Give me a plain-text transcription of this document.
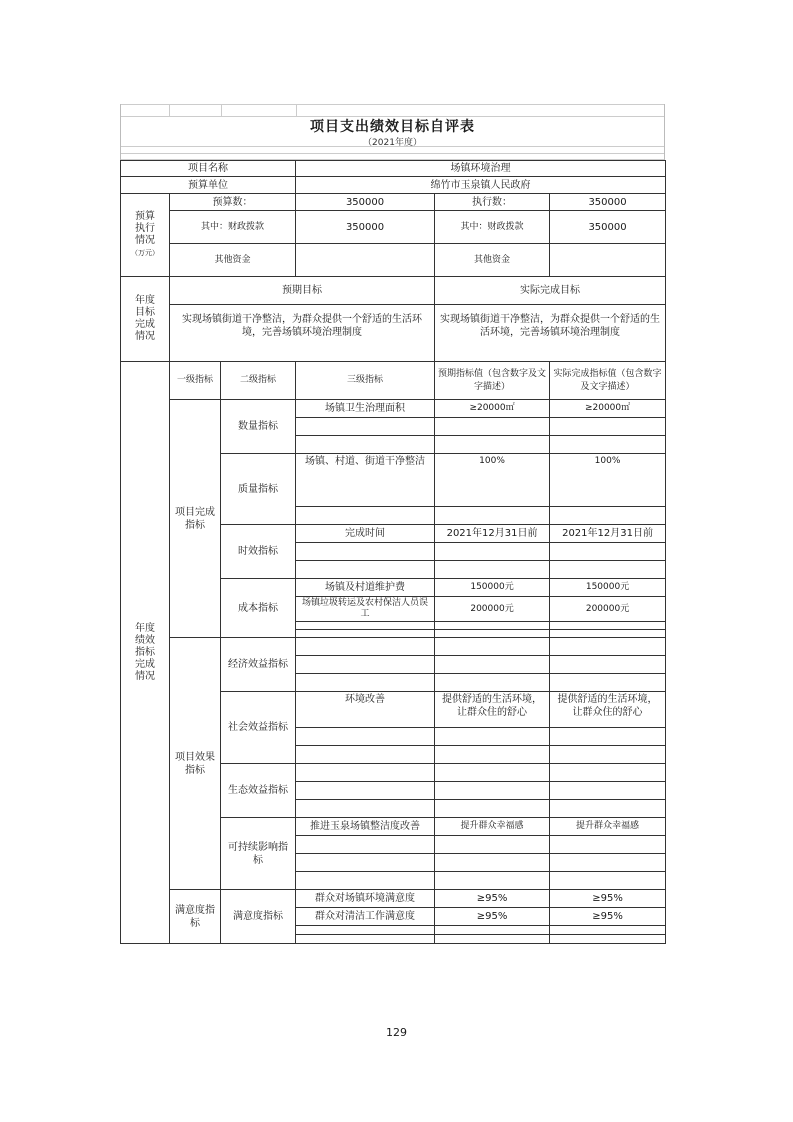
项目支出绩效目标自评表
（2021年度）
项目名称			场镇环境治理		
预算单位			绵竹市玉泉镇人民政府		

预算执行情况
（万元）	预算数：		350000	执行数：	350000
	其中：财政拨款		350000	其中：财政拨款	350000
	其他资金			其他资金	

年度目标完成情况	预期目标			实际完成目标	
	实现场镇街道干净整洁，为群众提供一个舒适的生活环境，完善场镇环境治理制度			实现场镇街道干净整洁，为群众提供一个舒适的生活环境，完善场镇环境治理制度	

年度绩效指标完成情况	一级指标	二级指标	三级指标	预期指标值（包含数字及文字描述）	实际完成指标值（包含数字及文字描述）
	项目完成指标	数量指标	场镇卫生治理面积	≥20000㎡	≥20000㎡

		质量指标	场镇、村道、街道干净整洁	100%	100%

		时效指标	完成时间	2021年12月31日前	2021年12月31日前

		成本指标	场镇及村道维护费	150000元	150000元
			场镇垃圾转运及农村保洁人员误工	200000元	200000元

	项目效果指标	经济效益指标			

		社会效益指标	环境改善	提供舒适的生活环境，让群众住的舒心	提供舒适的生活环境，让群众住的舒心

		生态效益指标			

		可持续影响指标	推进玉泉场镇整洁度改善	提升群众幸福感	提升群众幸福感

	满意度指标	满意度指标	群众对场镇环境满意度	≥95%	≥95%
			群众对清洁工作满意度	≥95%	≥95%

129
